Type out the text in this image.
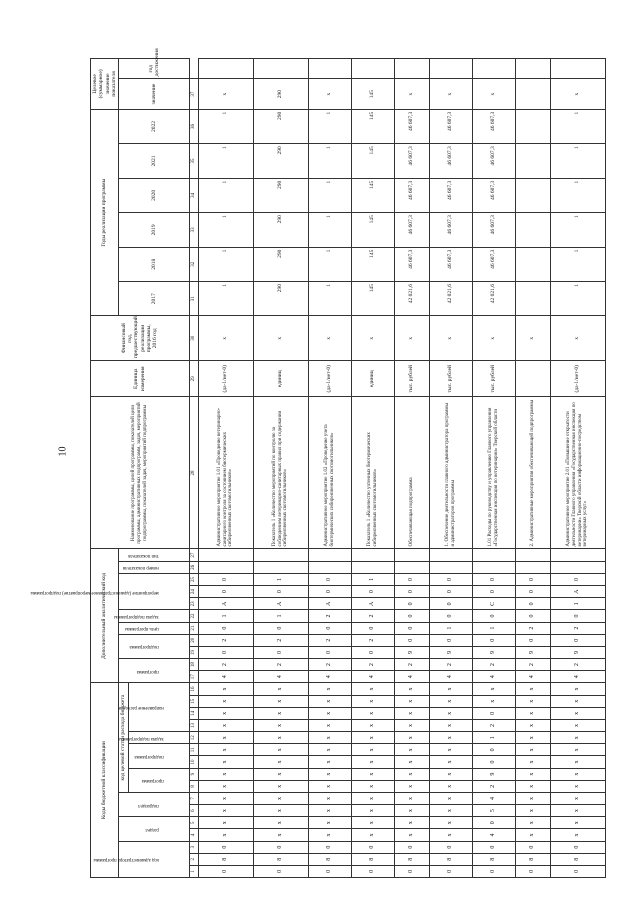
10
Коды бюджетной классификации																Дополнительный аналитический код											Наименование программы, целей программы, показателей цели программы, административных подпрограмм, задач, мероприятий подпрограммы, показателей задач, мероприятий подпрограммы	Единица измерения	Финансовый год, предшествующий реализации программы, 2016 год	Годы реализации программы						Целевое (суммарное) значение показателя	

код администратора программы			раздел		подраздел		код целевой статьи расхода бюджета									программа		подпрограмма		цель программы	задача подпрограммы	мероприятие (административное мероприятие) подпрограммы			номер показателя	тип показателя				2017	2018	2019	2020	2021	2022	значение	год достижения

							программа		подпрограмма		задача подпрограммы	направление расходов																									

1	2	3	4	5	6	7	8	9	10	11	12	13	14	15	16	17	18	19	20	21	22	23	24	25	26	27	28	29	30	31	32	33	34	35	36	37	
0	8	0	x	x	x	x	x	x	x	x	x	x	x	x	x	4	2	0	2	0	1	А	0	0			Административное мероприятие 1.01 «Проведение ветеринарно-санитарного контроля за состоянием биотермических сибиреязвенных скотомогильников»	(да-1/нет-0)	x	1	1	1	1	1	1	x	
0	8	0	x	x	x	x	x	x	x	x	x	x	x	x	x	4	2	0	2	0	1	А	0	1			Показатель 1 «Количество мероприятий по контролю за соблюдением ветеринарно-санитарных правил при содержании сибиреязвенных скотомогильников»	единиц	x	290	290	290	290	290	290	290	
0	8	0	x	x	x	x	x	x	x	x	x	x	x	x	x	4	2	0	2	0	2	А	0	0			Административное мероприятие 1.02 «Проведение учета биотермических сибиреязвенных скотомогильников»	(да-1/нет-0)	x	1	1	1	1	1	1	x	
0	8	0	x	x	x	x	x	x	x	x	x	x	x	x	x	4	2	0	2	0	2	А	0	1			Показатель 1 «Количество учтенных биотермических сибиреязвенных скотомогильников»	единиц	x	145	145	145	145	145	145	145	
0	8	0	x	x	x	x	x	x	x	x	x	x	x	x	x	4	2	9	0	0	0	0	0	0			Обеспечивающая подпрограмма	тыс. рублей	x	42 021,6	46 607,3	46 607,3	46 607,3	46 607,3	46 607,3	x	
0	8	0	x	x	x	x	x	x	x	x	x	x	x	x	x	4	2	9	0	1	0	0	0	0			1. Обеспечение деятельности главного администратора программы и администраторов программы	тыс. рублей	x	42 021,6	46 607,3	46 607,3	46 607,3	46 607,3	46 607,3	x	
0	8	0	4	0	5	4	2	9	0	0	1	2	0	x	x	4	2	9	0	1	0	С	0	0			1.01 Расходы по руководству и управлению Главного управления «Государственная инспекция по ветеринарии» Тверской области	тыс. рублей	x	42 021,6	46 607,3	46 607,3	46 607,3	46 607,3	46 607,3	x	
0	8	0	x	x	x	x	x	x	x	x	x	x	x	x	x	4	2	9	0	2	0	0	0	0			2. Административные мероприятия обеспечивающей подпрограммы		x								
0	8	0	x	x	x	x	x	x	x	x	x	x	x	x	x	4	2	9	0	2	0	1	А	0			Административное мероприятие 2.01 «Повышение открытости деятельности Главного управления «Государственная инспекция по ветеринарии» Тверской области информационно-посредством ветеринарных услуг»	(да-1/нет-0)	x	1	1	1	1	1	1	x	
